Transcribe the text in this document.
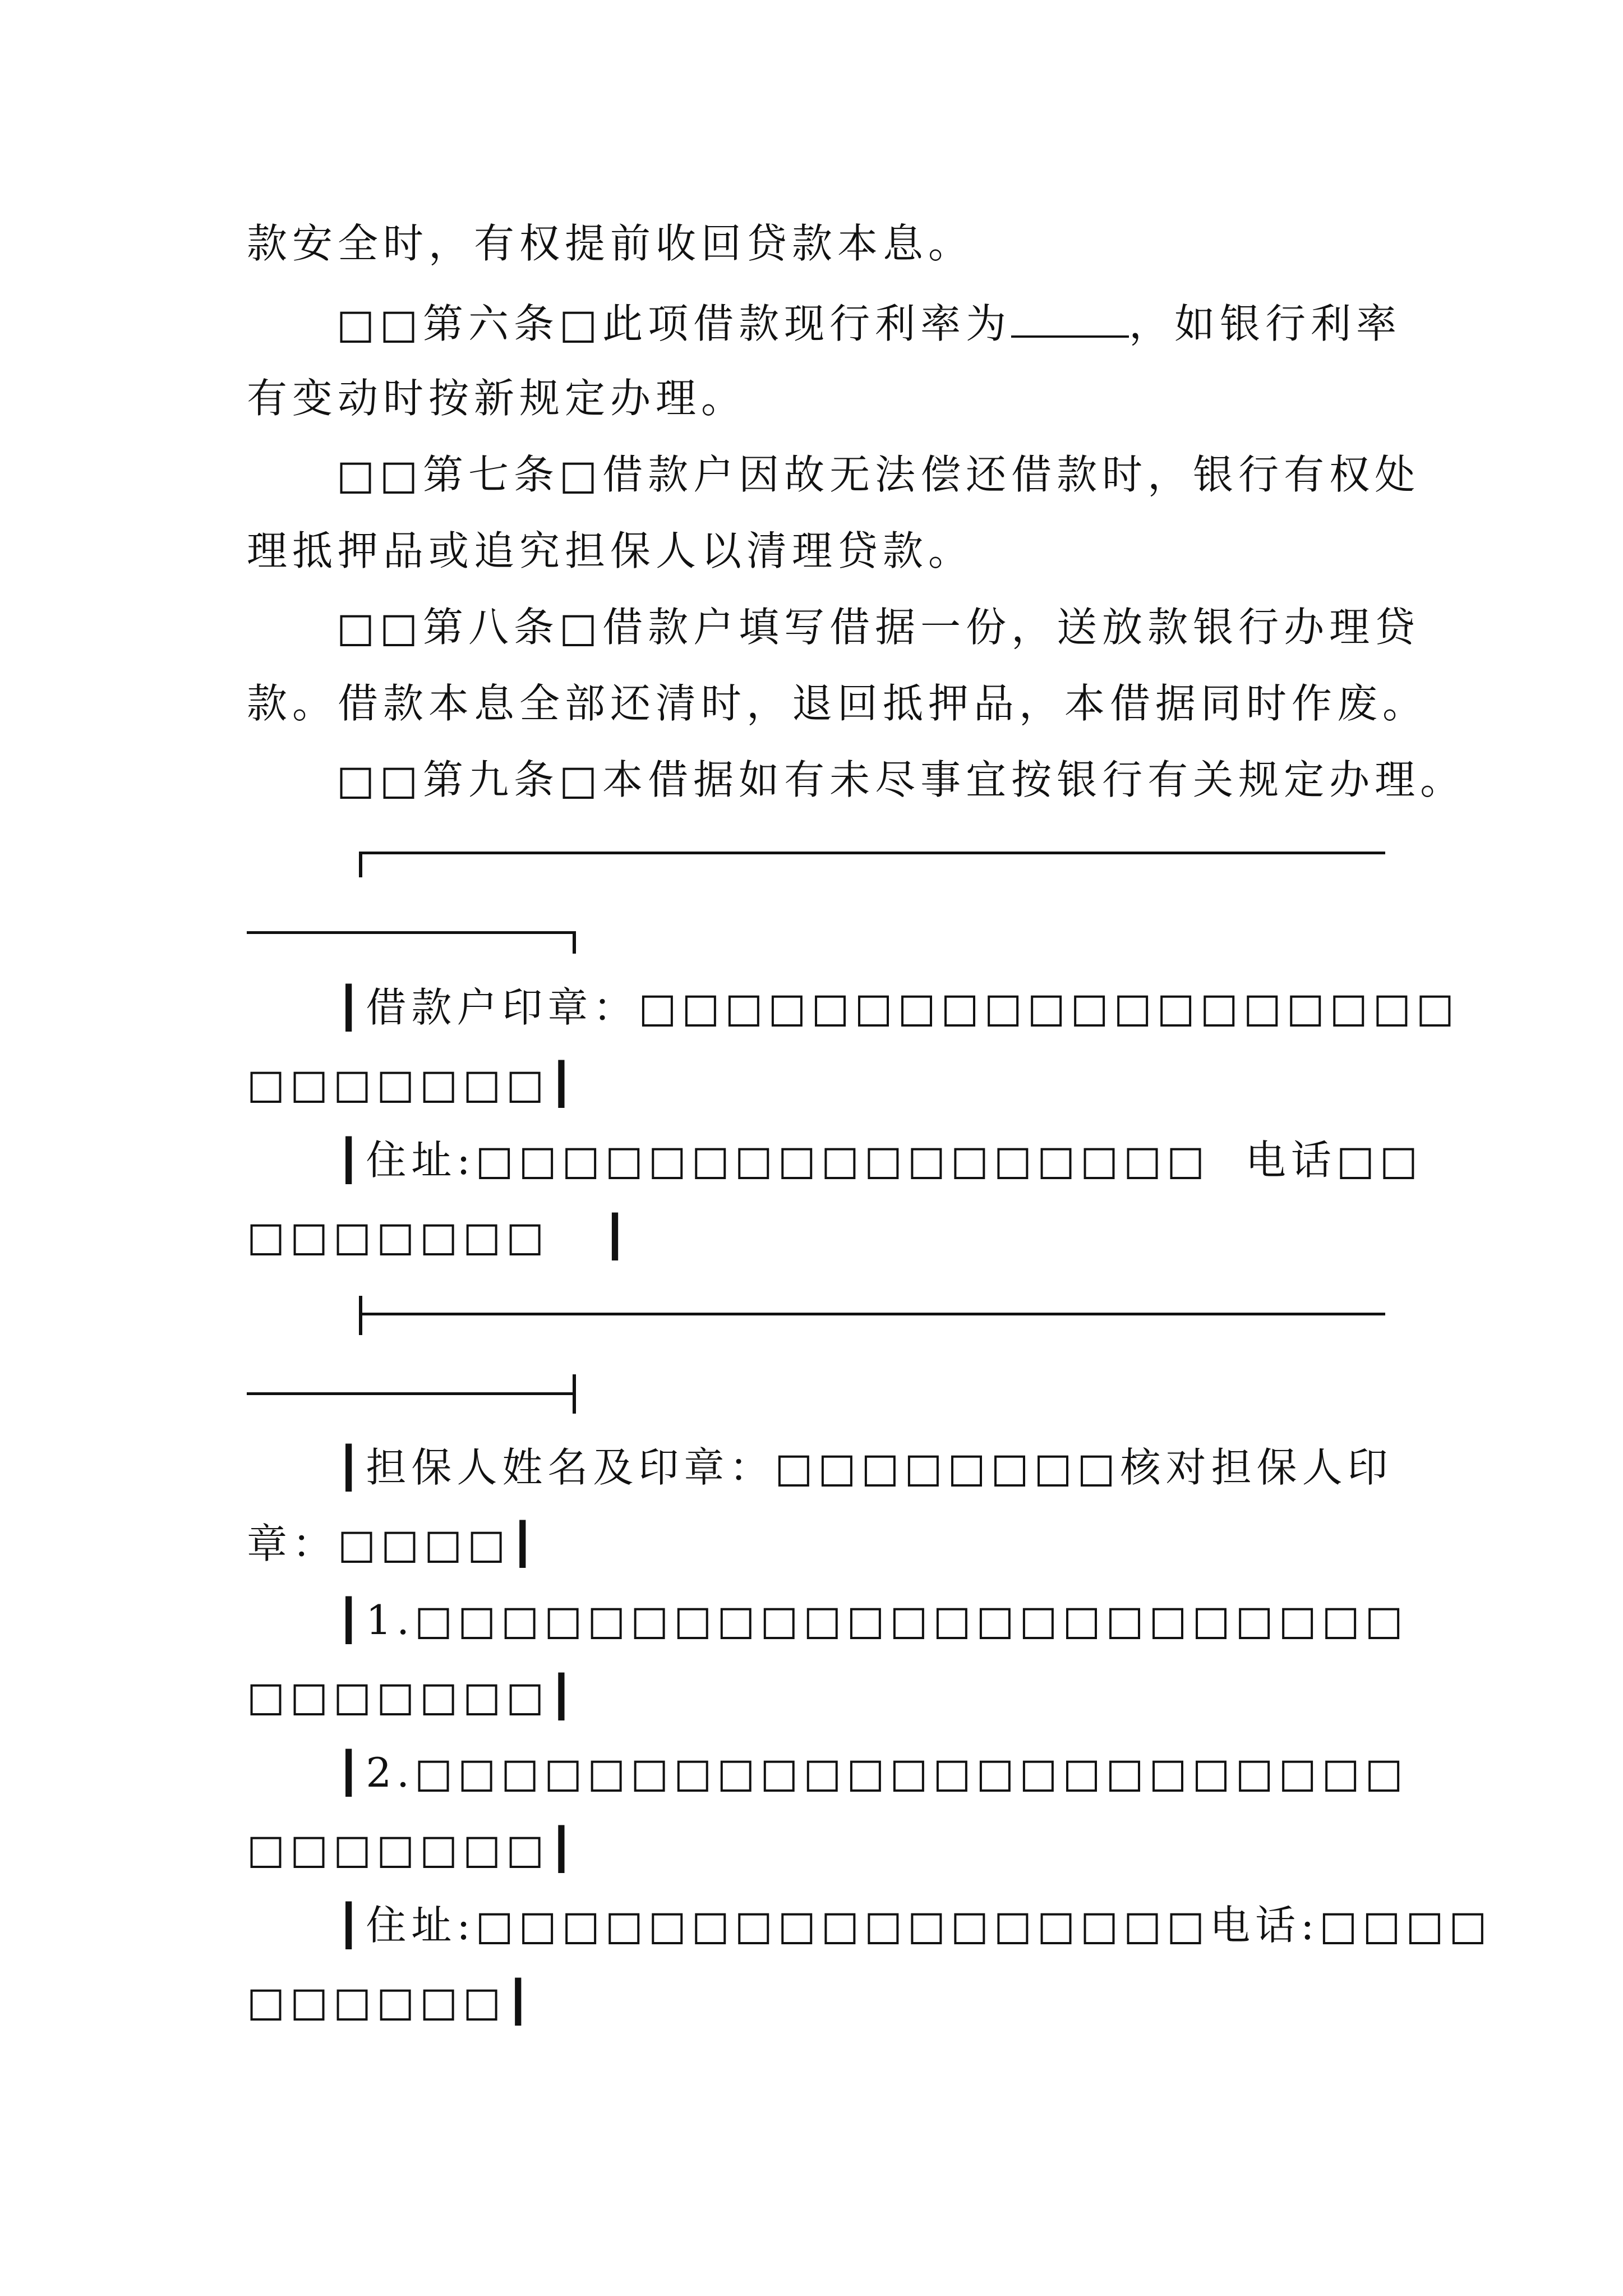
款安全时，有权提前收回贷款本息。
□□第六条□此项借款现行利率为	，如银行利率
有变动时按新规定办理。
□□第七条□借款户因故无法偿还借款时，银行有权处
理抵押品或追究担保人以清理贷款。
□□第八条□借款户填写借据一份，送放款银行办理贷
款。借款本息全部还清时，退回抵押品，本借据同时作废。
□□第九条□本借据如有未尽事宜按银行有关规定办理。
┃借款户印章：□□□□□□□□□□□□□□□□□□□
□□□□□□□┃
┃住址:□□□□□□□□□□□□□□□□□  电话□□
□□□□□□□   ┃
┃担保人姓名及印章：□□□□□□□□核对担保人印
章：□□□□┃
┃1.□□□□□□□□□□□□□□□□□□□□□□□
□□□□□□□┃
┃2.□□□□□□□□□□□□□□□□□□□□□□□
□□□□□□□┃
┃住址:□□□□□□□□□□□□□□□□□电话:□□□□
□□□□□□┃
